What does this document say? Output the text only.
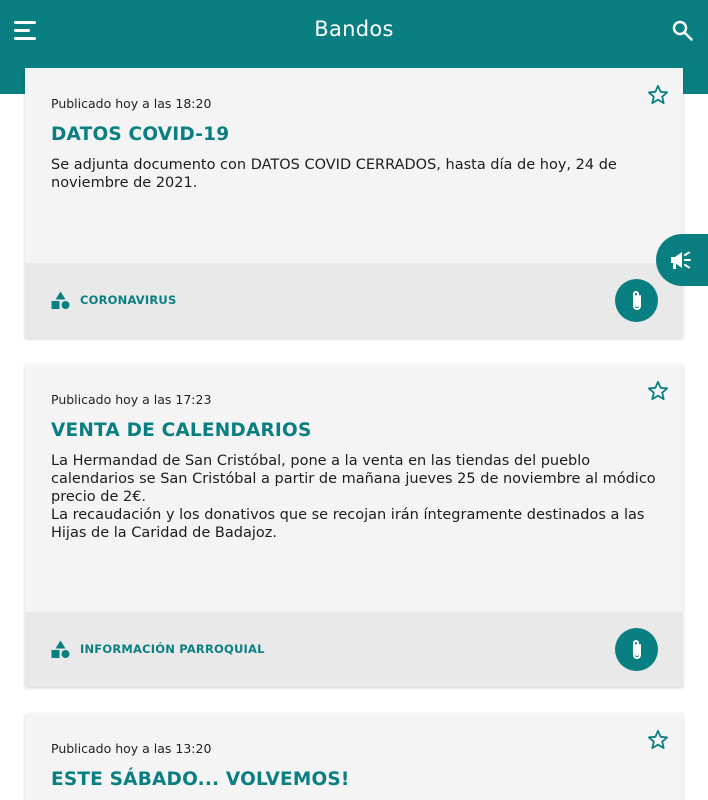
Bandos
Publicado hoy a las 18:20
DATOS COVID-19
Se adjunta documento con DATOS COVID CERRADOS, hasta día de hoy, 24 de noviembre de 2021.
CORONAVIRUS
Publicado hoy a las 17:23
VENTA DE CALENDARIOS
La Hermandad de San Cristóbal, pone a la venta en las tiendas del pueblo calendarios se San Cristóbal a partir de mañana jueves 25 de noviembre al módico precio de 2€.
La recaudación y los donativos que se recojan irán íntegramente destinados a las Hijas de la Caridad de Badajoz.
INFORMACIÓN PARROQUIAL
Publicado hoy a las 13:20
ESTE SÁBADO... VOLVEMOS!
